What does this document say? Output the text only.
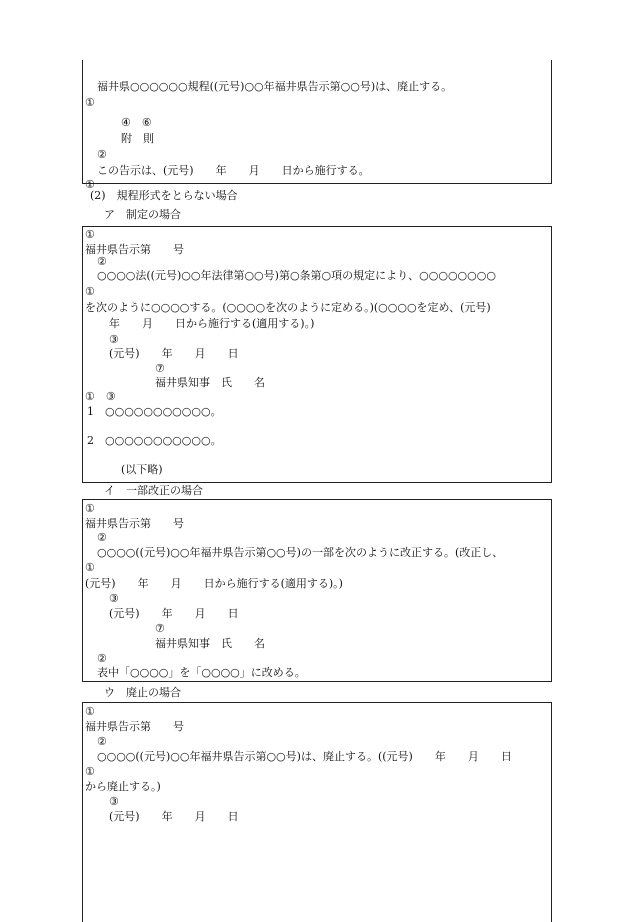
福井県○○○○○○規程((元号)○○年福井県告示第○○号)は、廃止する。
①
④　⑥
附　則
②
この告示は、(元号)　　年　　月　　日から施行する。
①
(2)　規程形式をとらない場合
ア　制定の場合
①
福井県告示第　　号
②
○○○○法((元号)○○年法律第○○号)第○条第○項の規定により、○○○○○○○○
①
を次のように○○○○する。(○○○○を次のように定める。)(○○○○を定め、(元号)
年　　月　　日から施行する(適用する)。)
③
(元号)　　年　　月　　日
⑦
福井県知事　氏　　名
①　③
1　○○○○○○○○○○○。
2　○○○○○○○○○○○。
(以下略)
イ　一部改正の場合
①
福井県告示第　　号
②
○○○○((元号)○○年福井県告示第○○号)の一部を次のように改正する。(改正し、
①
(元号)　　年　　月　　日から施行する(適用する)。)
③
(元号)　　年　　月　　日
⑦
福井県知事　氏　　名
②
表中「○○○○」を「○○○○」に改める。
ウ　廃止の場合
①
福井県告示第　　号
②
○○○○((元号)○○年福井県告示第○○号)は、廃止する。((元号)　　年　　月　　日
①
から廃止する。)
③
(元号)　　年　　月　　日
